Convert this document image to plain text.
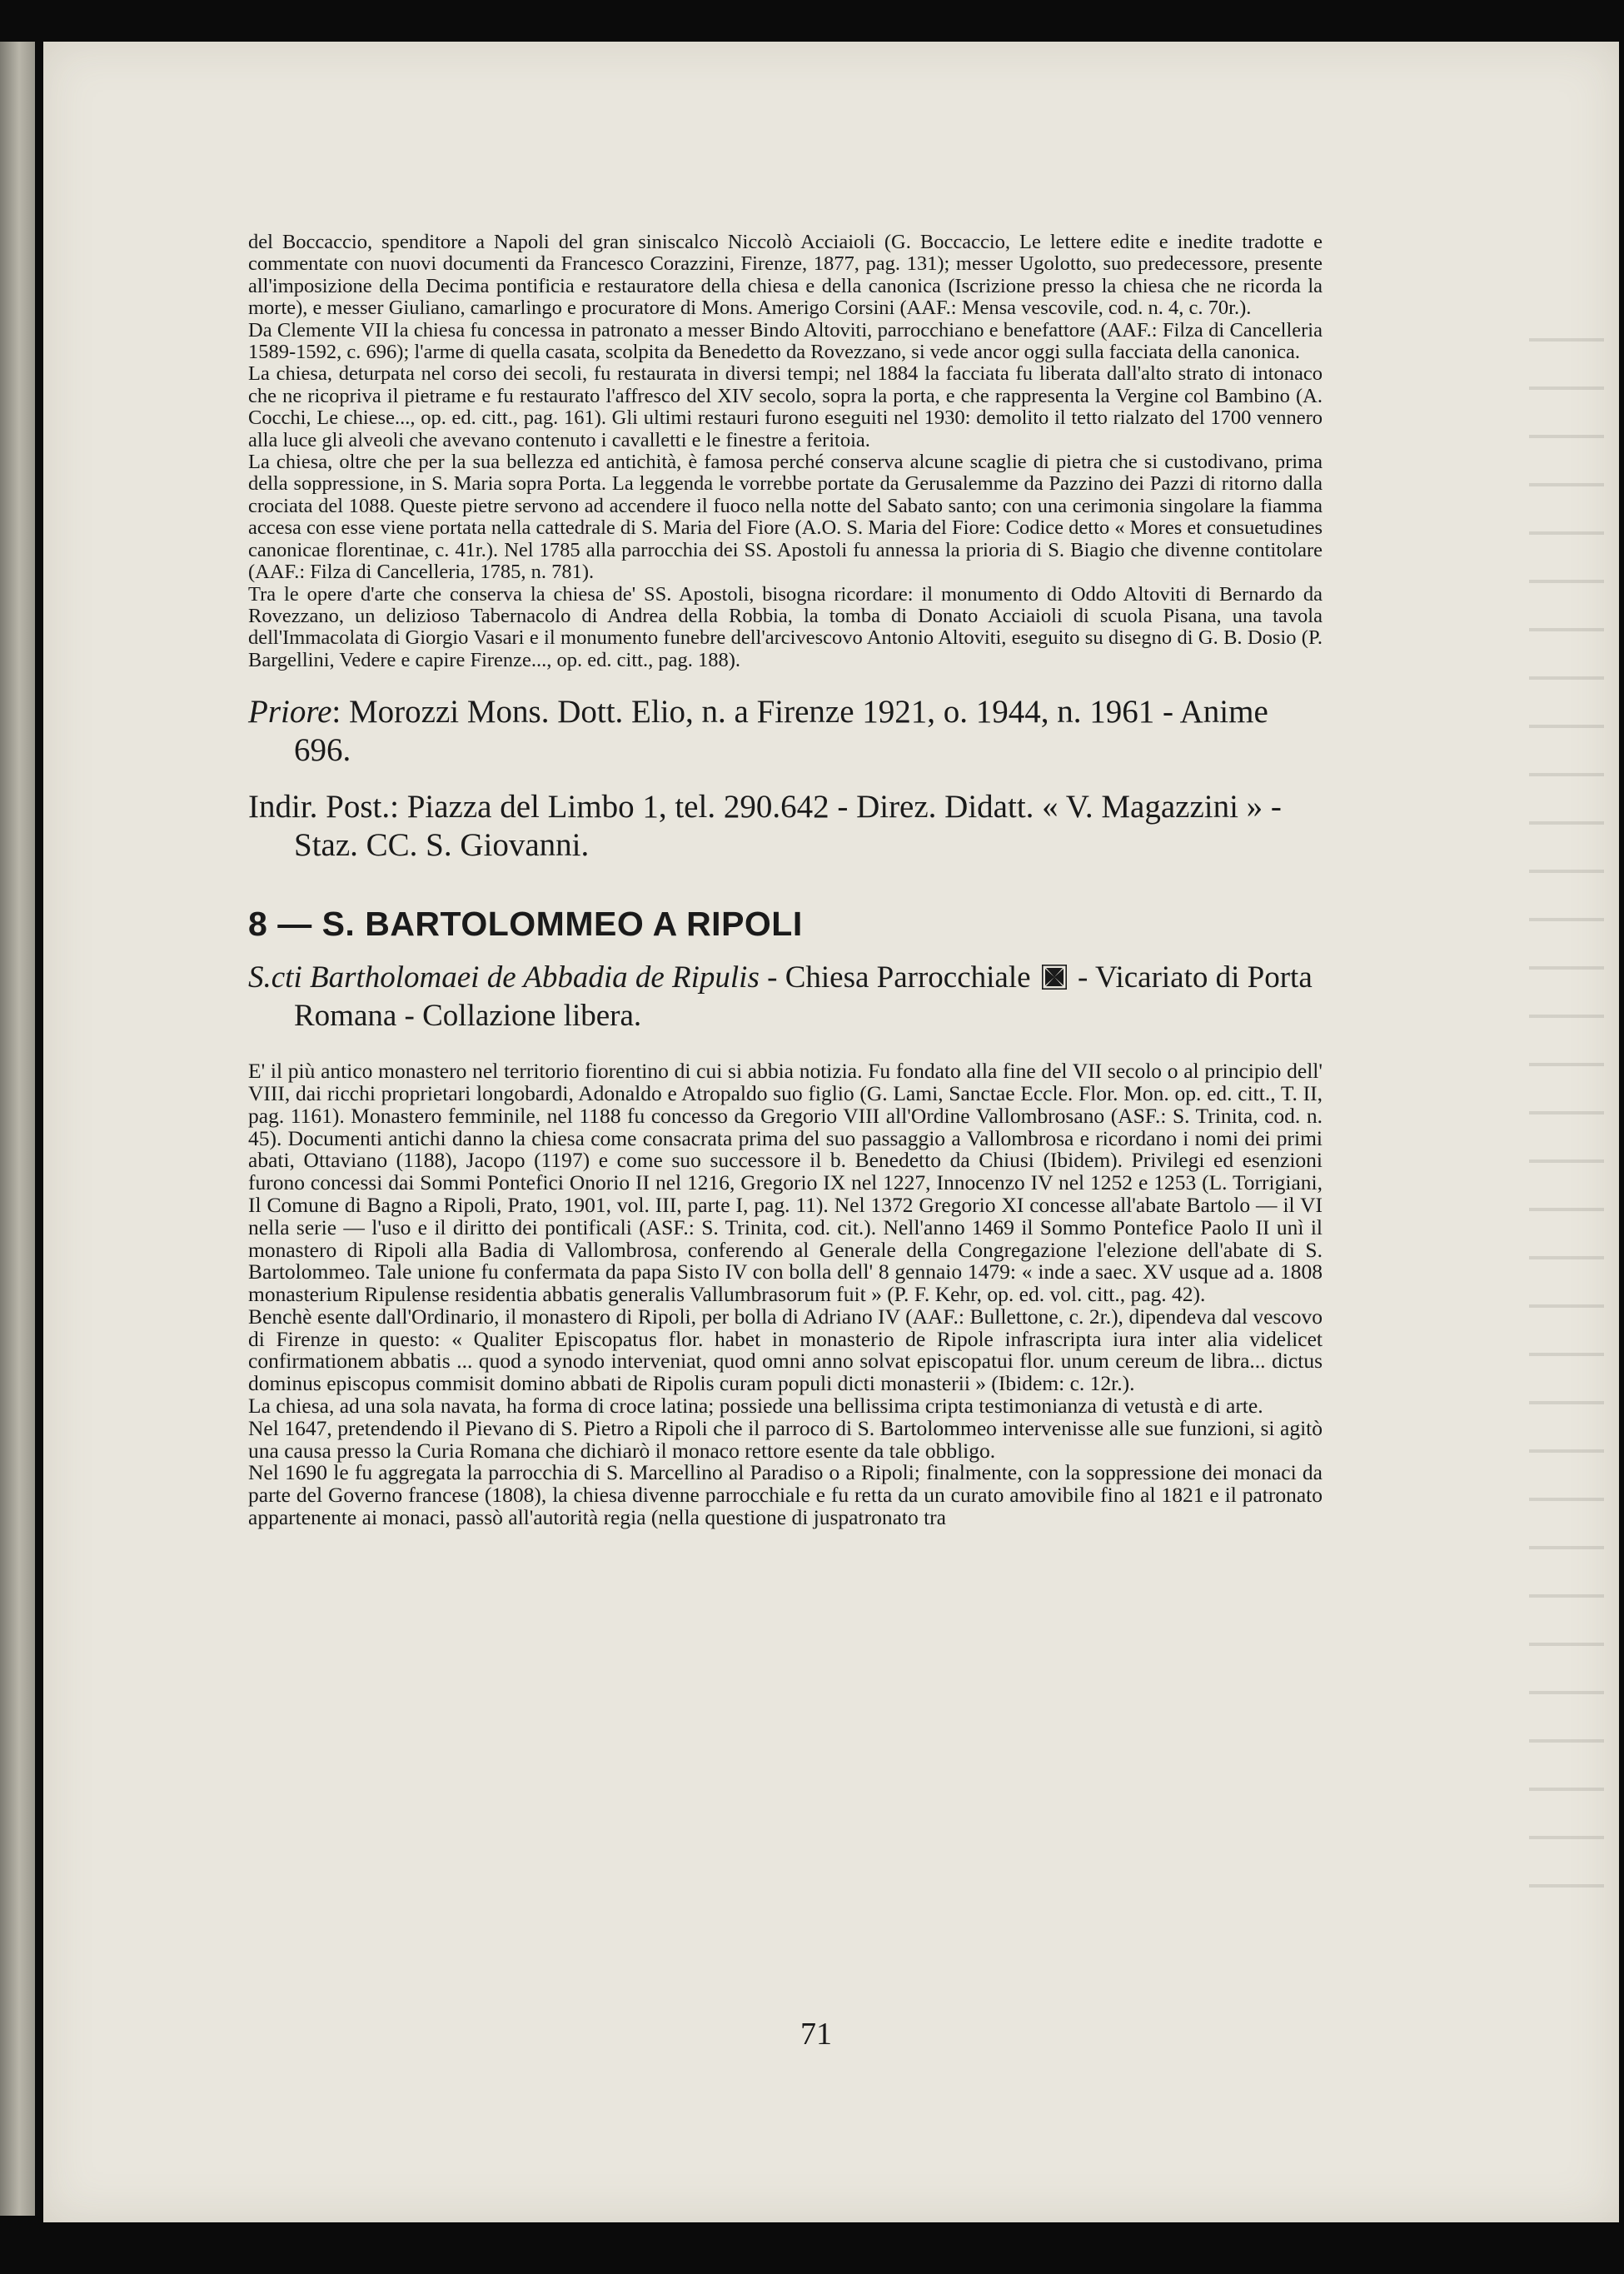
del Boccaccio, spenditore a Napoli del gran siniscalco Niccolò Acciaioli (G. Boccaccio, Le lettere edite e inedite tradotte e commentate con nuovi documenti da Francesco Corazzini, Firenze, 1877, pag. 131); messer Ugolotto, suo predecessore, presente all'imposizione della Decima pontificia e restauratore della chiesa e della canonica (Iscrizione presso la chiesa che ne ricorda la morte), e messer Giuliano, camarlingo e procuratore di Mons. Amerigo Corsini (AAF.: Mensa vescovile, cod. n. 4, c. 70r.).

Da Clemente VII la chiesa fu concessa in patronato a messer Bindo Altoviti, parrocchiano e benefattore (AAF.: Filza di Cancelleria 1589-1592, c. 696); l'arme di quella casata, scolpita da Benedetto da Rovezzano, si vede ancor oggi sulla facciata della canonica.

La chiesa, deturpata nel corso dei secoli, fu restaurata in diversi tempi; nel 1884 la facciata fu liberata dall'alto strato di intonaco che ne ricopriva il pietrame e fu restaurato l'affresco del XIV secolo, sopra la porta, e che rappresenta la Vergine col Bambino (A. Cocchi, Le chiese..., op. ed. citt., pag. 161). Gli ultimi restauri furono eseguiti nel 1930: demolito il tetto rialzato del 1700 vennero alla luce gli alveoli che avevano contenuto i cavalletti e le finestre a feritoia.

La chiesa, oltre che per la sua bellezza ed antichità, è famosa perché conserva alcune scaglie di pietra che si custodivano, prima della soppressione, in S. Maria sopra Porta. La leggenda le vorrebbe portate da Gerusalemme da Pazzino dei Pazzi di ritorno dalla crociata del 1088. Queste pietre servono ad accendere il fuoco nella notte del Sabato santo; con una cerimonia singolare la fiamma accesa con esse viene portata nella cattedrale di S. Maria del Fiore (A.O. S. Maria del Fiore: Codice detto « Mores et consuetudines canonicae florentinae, c. 41r.). Nel 1785 alla parrocchia dei SS. Apostoli fu annessa la prioria di S. Biagio che divenne contitolare (AAF.: Filza di Cancelleria, 1785, n. 781).

Tra le opere d'arte che conserva la chiesa de' SS. Apostoli, bisogna ricordare: il monumento di Oddo Altoviti di Bernardo da Rovezzano, un delizioso Tabernacolo di Andrea della Robbia, la tomba di Donato Acciaioli di scuola Pisana, una tavola dell'Immacolata di Giorgio Vasari e il monumento funebre dell'arcivescovo Antonio Altoviti, eseguito su disegno di G. B. Dosio (P. Bargellini, Vedere e capire Firenze..., op. ed. citt., pag. 188).

Priore: Morozzi Mons. Dott. Elio, n. a Firenze 1921, o. 1944, n. 1961 - Anime 696.

Indir. Post.: Piazza del Limbo 1, tel. 290.642 - Direz. Didatt. « V. Magazzini » - Staz. CC. S. Giovanni.

8 — S. BARTOLOMMEO A RIPOLI

S.cti Bartholomaei de Abbadia de Ripulis - Chiesa Parrocchiale  - Vicariato di Porta Romana - Collazione libera.

E' il più antico monastero nel territorio fiorentino di cui si abbia notizia. Fu fondato alla fine del VII secolo o al principio dell' VIII, dai ricchi proprietari longobardi, Adonaldo e Atropaldo suo figlio (G. Lami, Sanctae Eccle. Flor. Mon. op. ed. citt., T. II, pag. 1161). Monastero femminile, nel 1188 fu concesso da Gregorio VIII all'Ordine Vallombrosano (ASF.: S. Trinita, cod. n. 45). Documenti antichi danno la chiesa come consacrata prima del suo passaggio a Vallombrosa e ricordano i nomi dei primi abati, Ottaviano (1188), Jacopo (1197) e come suo successore il b. Benedetto da Chiusi (Ibidem). Privilegi ed esenzioni furono concessi dai Sommi Pontefici Onorio II nel 1216, Gregorio IX nel 1227, Innocenzo IV nel 1252 e 1253 (L. Torrigiani, Il Comune di Bagno a Ripoli, Prato, 1901, vol. III, parte I, pag. 11). Nel 1372 Gregorio XI concesse all'abate Bartolo — il VI nella serie — l'uso e il diritto dei pontificali (ASF.: S. Trinita, cod. cit.). Nell'anno 1469 il Sommo Pontefice Paolo II unì il monastero di Ripoli alla Badia di Vallombrosa, conferendo al Generale della Congregazione l'elezione dell'abate di S. Bartolommeo. Tale unione fu confermata da papa Sisto IV con bolla dell' 8 gennaio 1479: « inde a saec. XV usque ad a. 1808 monasterium Ripulense residentia abbatis generalis Vallumbrasorum fuit » (P. F. Kehr, op. ed. vol. citt., pag. 42).

Benchè esente dall'Ordinario, il monastero di Ripoli, per bolla di Adriano IV (AAF.: Bullettone, c. 2r.), dipendeva dal vescovo di Firenze in questo: « Qualiter Episcopatus flor. habet in monasterio de Ripole infrascripta iura inter alia videlicet confirmationem abbatis ... quod a synodo interveniat, quod omni anno solvat episcopatui flor. unum cereum de libra... dictus dominus episcopus commisit domino abbati de Ripolis curam populi dicti monasterii » (Ibidem: c. 12r.).

La chiesa, ad una sola navata, ha forma di croce latina; possiede una bellissima cripta testimonianza di vetustà e di arte.

Nel 1647, pretendendo il Pievano di S. Pietro a Ripoli che il parroco di S. Bartolommeo intervenisse alle sue funzioni, si agitò una causa presso la Curia Romana che dichiarò il monaco rettore esente da tale obbligo.

Nel 1690 le fu aggregata la parrocchia di S. Marcellino al Paradiso o a Ripoli; finalmente, con la soppressione dei monaci da parte del Governo francese (1808), la chiesa divenne parrocchiale e fu retta da un curato amovibile fino al 1821 e il patronato appartenente ai monaci, passò all'autorità regia (nella questione di juspatronato tra

71
